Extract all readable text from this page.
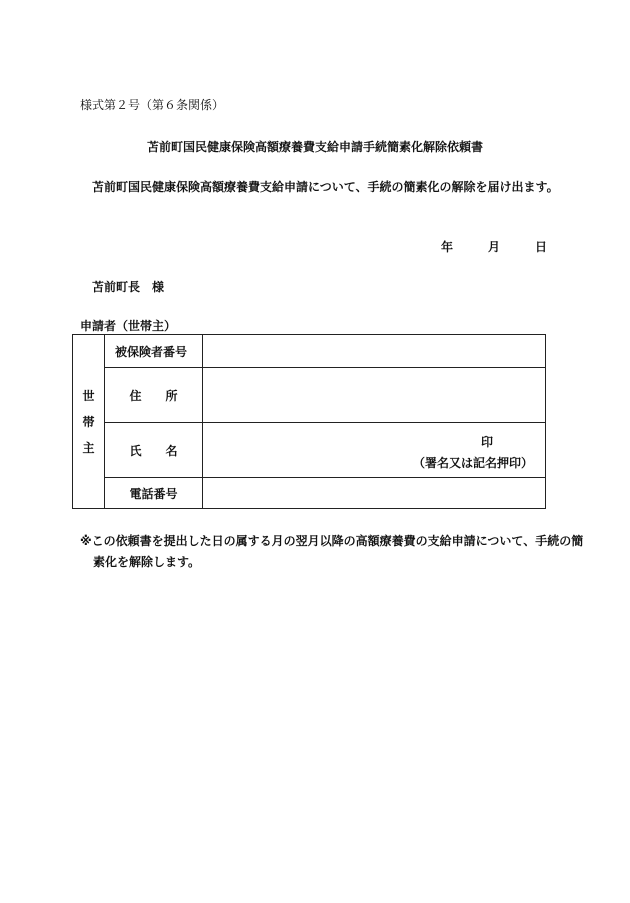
様式第２号（第６条関係）
苫前町国民健康保険高額療養費支給申請手続簡素化解除依頼書
苫前町国民健康保険高額療養費支給申請について、手続の簡素化の解除を届け出ます。
年	月	日
苫前町長　様
申請者（世帯主）
世
帯
主	被保険者番号	
	住　　所	
	氏　　名	印
（署名又は記名押印）

	電話番号	
※この依頼書を提出した日の属する月の翌月以降の高額療養費の支給申請について、手続の簡
素化を解除します。
